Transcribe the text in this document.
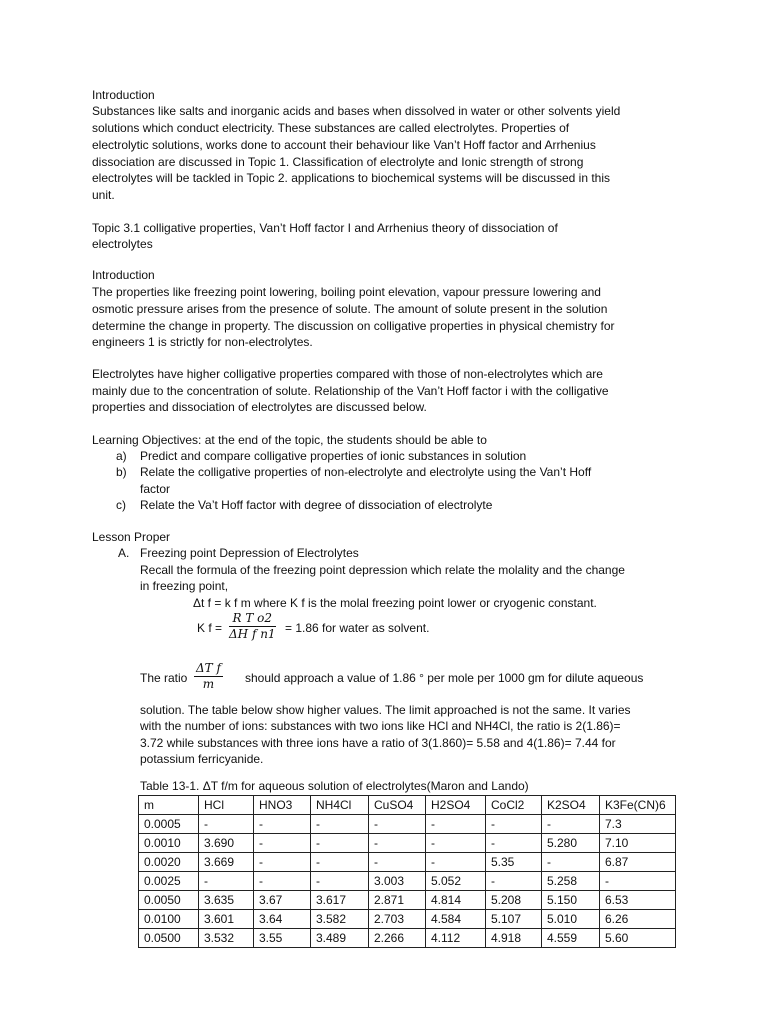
Introduction
Substances like salts and inorganic acids and bases when dissolved in water or other solvents yield
solutions which conduct electricity. These substances are called electrolytes. Properties of
electrolytic solutions, works done to account their behaviour like Van’t Hoff factor and Arrhenius
dissociation are discussed in Topic 1. Classification of electrolyte and Ionic strength of strong
electrolytes will be tackled in Topic 2. applications to biochemical systems will be discussed in this
unit.
Topic 3.1 colligative properties, Van’t Hoff factor I and Arrhenius theory of dissociation of
electrolytes
Introduction
The properties like freezing point lowering, boiling point elevation, vapour pressure lowering and
osmotic pressure arises from the presence of solute. The amount of solute present in the solution
determine the change in property. The discussion on colligative properties in physical chemistry for
engineers 1 is strictly for non-electrolytes.
Electrolytes have higher colligative properties compared with those of non-electrolytes which are
mainly due to the concentration of solute. Relationship of the Van’t Hoff factor i with the colligative
properties and dissociation of electrolytes are discussed below.
Learning Objectives: at the end of the topic, the students should be able to
a) Predict and compare colligative properties of ionic substances in solution
b) Relate the colligative properties of non-electrolyte and electrolyte using the Van’t Hoff
factor
c) Relate the Va’t Hoff factor with degree of dissociation of electrolyte
Lesson Proper
A. Freezing point Depression of Electrolytes
Recall the formula of the freezing point depression which relate the molality and the change
in freezing point,
Δt f = k f m where K f is the molal freezing point lower or cryogenic constant.
K $f = \frac{\text{R T o2}}{\text{ΔH f n1}} = 1.86$ for water as solvent.
The ratio $\frac{\text{ΔT f}}{m}$ should approach a value of 1.86 ° per mole per 1000 gm for dilute aqueous
solution. The table below show higher values. The limit approached is not the same. It varies
with the number of ions: substances with two ions like HCl and NH4Cl, the ratio is 2(1.86)=
3.72 while substances with three ions have a ratio of 3(1.860)= 5.58 and 4(1.86)= 7.44 for
potassium ferricyanide.
Table 13-1. ΔT f/m for aqueous solution of electrolytes(Maron and Lando)
m	HCl	HNO3	NH4Cl	CuSO4	H2SO4	CoCl2	K2SO4	K3Fe(CN)6
0.0005	-	-	-	-	-	-	-	7.3
0.0010	3.690	-	-	-	-	-	5.280	7.10
0.0020	3.669	-	-	-	-	5.35	-	6.87
0.0025	-	-	-	3.003	5.052	-	5.258	-
0.0050	3.635	3.67	3.617	2.871	4.814	5.208	5.150	6.53
0.0100	3.601	3.64	3.582	2.703	4.584	5.107	5.010	6.26
0.0500	3.532	3.55	3.489	2.266	4.112	4.918	4.559	5.60
